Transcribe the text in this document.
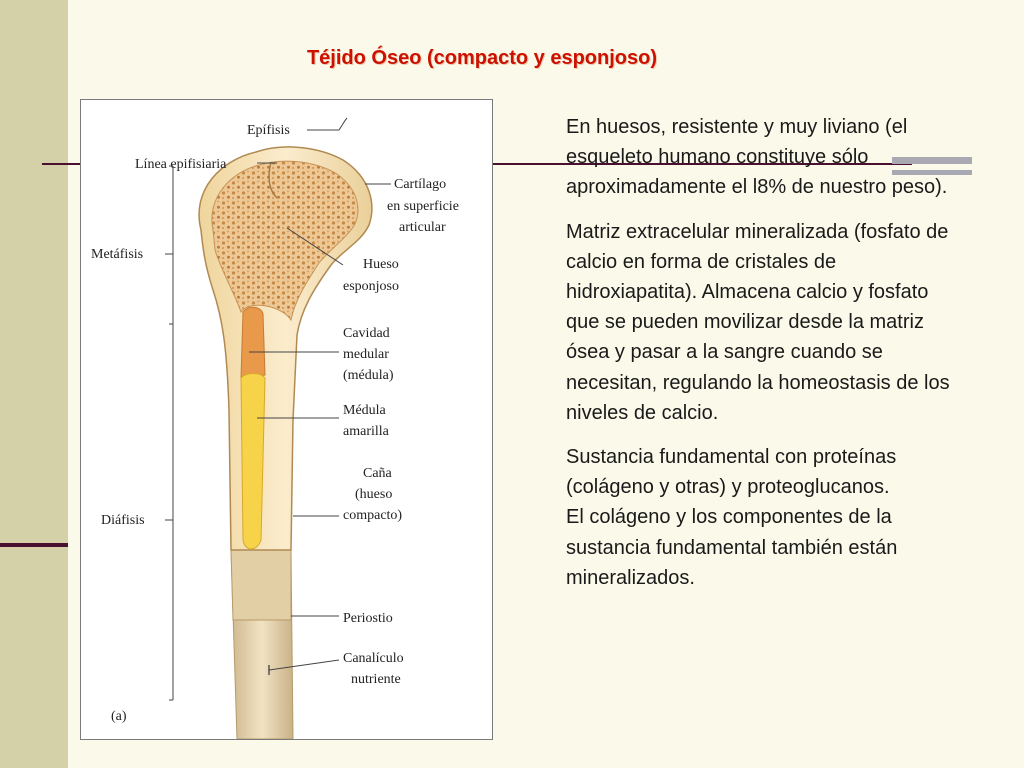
Téjido Óseo (compacto y esponjoso)
Epífisis
Línea epifisiaria
Metáfisis
Diáfisis
Cartílago
en superficie
articular
Hueso
esponjoso
Cavidad
medular
(médula)
Médula
amarilla
Caña
(hueso
compacto)
Periostio
Canalículo
nutriente
(a)

En huesos, resistente y muy liviano (el esqueleto humano constituye sólo aproximadamente el l8% de nuestro peso).

Matriz extracelular mineralizada (fosfato de calcio en forma de cristales de hidroxiapatita). Almacena calcio y fosfato que se pueden movilizar desde la matriz ósea y pasar a la sangre cuando se necesitan, regulando la homeostasis de los niveles de calcio.

Sustancia fundamental con proteínas (colágeno y otras) y proteoglucanos.

El colágeno y los componentes de la sustancia fundamental también están mineralizados.
